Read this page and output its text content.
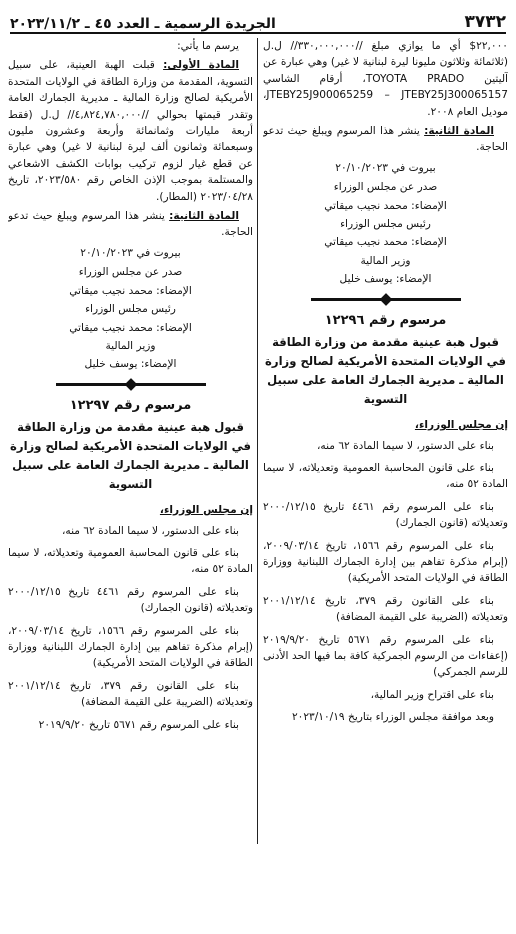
٣٧٣٢
الجريدة الرسمية ـ العدد ٤٥ ـ ٢٠٢٣/١١/٢

٢٢,٠٠٠$ أي ما يوازي مبلغ //٣٣٠,٠٠٠,٠٠٠// ل.ل (ثلاثمائة وثلاثون مليونا ليرة لبنانية لا غير) وهي عبارة عن آليتين TOYOTA PRADO، أرقام الشاسي JTEBY25J900065259 – JTEBY25J300065157، موديل العام ٢٠٠٨.

المادة الثانية: ينشر هذا المرسوم ويبلغ حيث تدعو الحاجة.

بيروت في ٢٠/١٠/٢٠٢٣

صدر عن مجلس الوزراء

الإمضاء: محمد نجيب ميقاتي

رئيس مجلس الوزراء

الإمضاء: محمد نجيب ميقاتي

وزير المالية

الإمضاء: يوسف خليل

مرسوم رقم ١٢٢٩٦
قبول هبة عينية مقدمة من وزارة الطاقة في الولايات المتحدة الأمريكية لصالح وزارة المالية ـ مديرية الجمارك العامة على سبيل التسوية

إن مجلس الوزراء،

بناء على الدستور، لا سيما المادة ٦٢ منه،

بناء على قانون المحاسبة العمومية وتعديلاته، لا سيما المادة ٥٢ منه،

بناء على المرسوم رقم ٤٤٦١ تاريخ ٢٠٠٠/١٢/١٥ وتعديلاته (قانون الجمارك)

بناء على المرسوم رقم ١٥٦٦، تاريخ ٢٠٠٩/٠٣/١٤، (إبرام مذكرة تفاهم بين إدارة الجمارك اللبنانية ووزارة الطاقة في الولايات المتحد الأمريكية)

بناء على القانون رقم ٣٧٩، تاريخ ٢٠٠١/١٢/١٤ وتعديلاته (الضريبة على القيمة المضافة)

بناء على المرسوم رقم ٥٦٧١ تاريخ ٢٠١٩/٩/٢٠ (إعفاءات من الرسوم الجمركية كافة بما فيها الحد الأدنى للرسم الجمركي)

بناء على اقتراح وزير المالية،

وبعد موافقة مجلس الوزراء بتاريخ ٢٠٢٣/١٠/١٩

يرسم ما يأتي:

المادة الأولى: قبلت الهبة العينية، على سبيل التسوية، المقدمة من وزارة الطاقة في الولايات المتحدة الأمريكية لصالح وزارة المالية ـ مديرية الجمارك العامة وتقدر قيمتها بحوالي //٤,٨٢٤,٧٨٠,٠٠٠// ل.ل (فقط أربعة مليارات وثمانمائة وأربعة وعشرون مليون وسبعمائة وثمانون ألف ليرة لبنانية لا غير) وهي عبارة عن قطع غيار لزوم تركيب بوابات الكشف الاشعاعي والمستلمة بموجب الإذن الخاص رقم ٢٠٢٣/٥٨٠، تاريخ ٢٠٢٣/٠٤/٢٨ (المطار).

المادة الثانية: ينشر هذا المرسوم ويبلغ حيث تدعو الحاجة.

بيروت في ٢٠/١٠/٢٠٢٣

صدر عن مجلس الوزراء

الإمضاء: محمد نجيب ميقاتي

رئيس مجلس الوزراء

الإمضاء: محمد نجيب ميقاتي

وزير المالية

الإمضاء: يوسف خليل

مرسوم رقم ١٢٢٩٧
قبول هبة عينية مقدمة من وزارة الطاقة في الولايات المتحدة الأمريكية لصالح وزارة المالية ـ مديرية الجمارك العامة على سبيل التسوية

إن مجلس الوزراء،

بناء على الدستور، لا سيما المادة ٦٢ منه،

بناء على قانون المحاسبة العمومية وتعديلاته، لا سيما المادة ٥٢ منه،

بناء على المرسوم رقم ٤٤٦١ تاريخ ٢٠٠٠/١٢/١٥ وتعديلاته (قانون الجمارك)

بناء على المرسوم رقم ١٥٦٦، تاريخ ٢٠٠٩/٠٣/١٤، (إبرام مذكرة تفاهم بين إدارة الجمارك اللبنانية ووزارة الطاقة في الولايات المتحد الأمريكية)

بناء على القانون رقم ٣٧٩، تاريخ ٢٠٠١/١٢/١٤ وتعديلاته (الضريبة على القيمة المضافة)

بناء على المرسوم رقم ٥٦٧١ تاريخ ٢٠١٩/٩/٢٠
